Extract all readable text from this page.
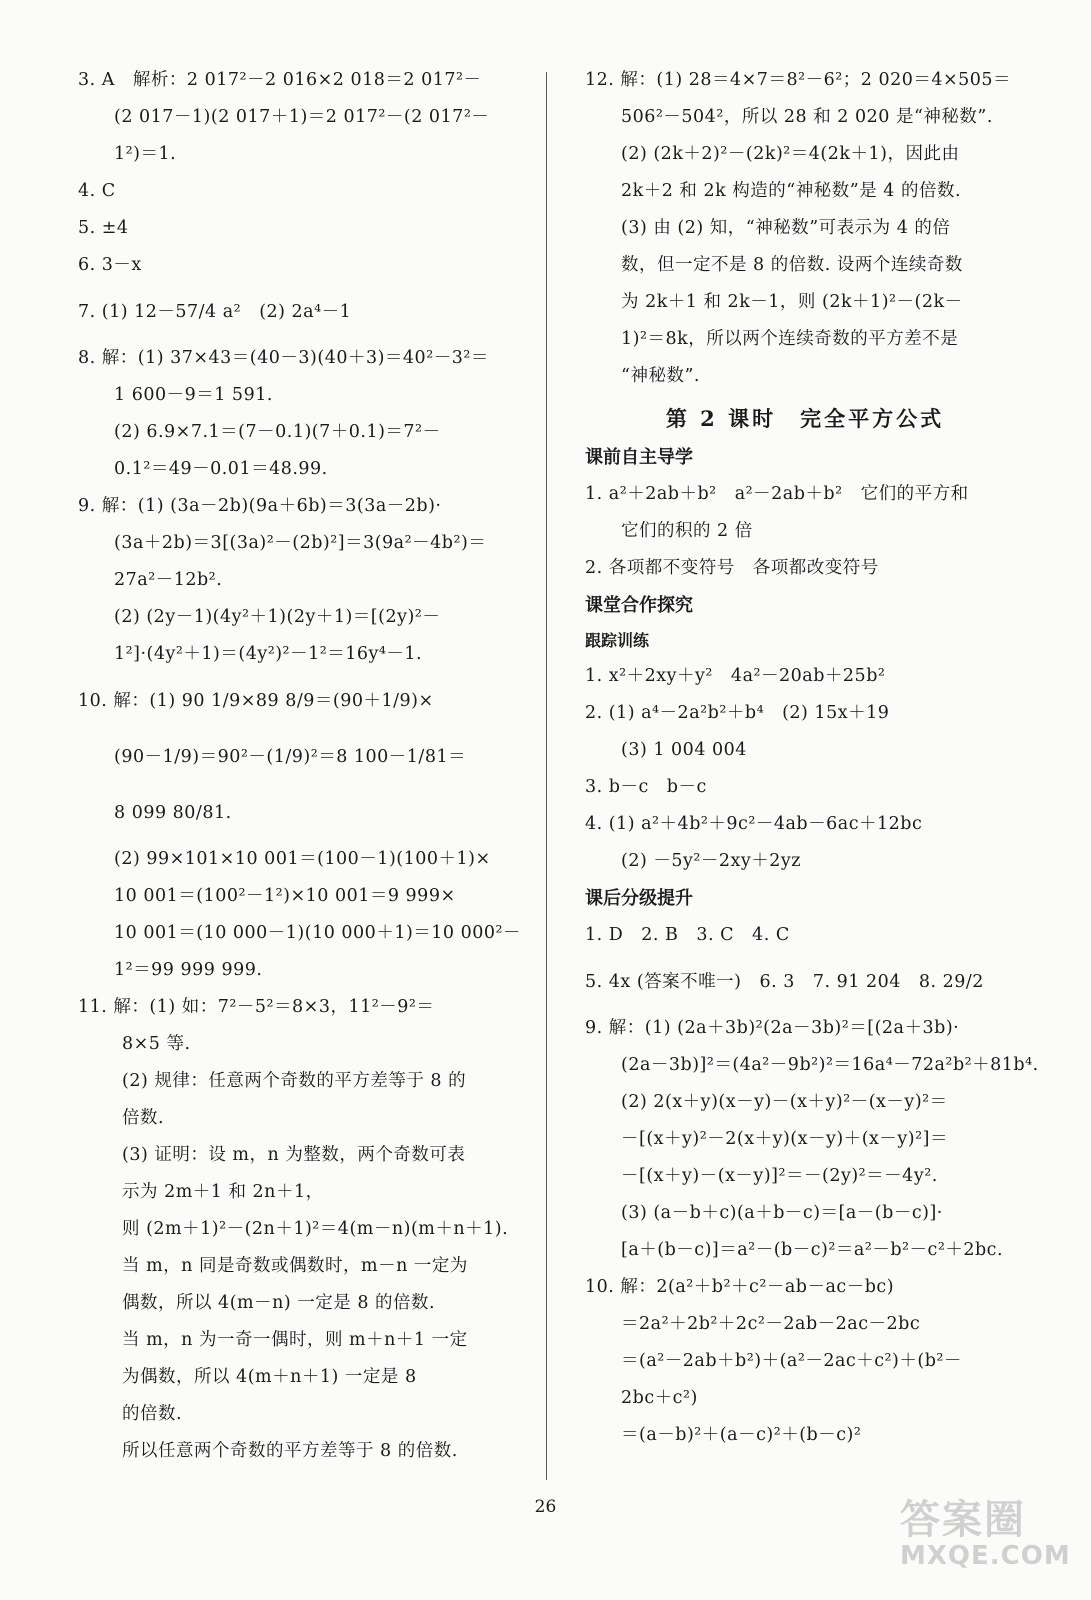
3. A　解析：2 017²－2 016×2 018＝2 017²－
(2 017－1)(2 017＋1)＝2 017²－(2 017²－
1²)＝1.
4. C
5. ±4
6. 3－x
7. (1) 12－57/4 a²　(2) 2a⁴－1
8. 解：(1) 37×43＝(40－3)(40＋3)＝40²－3²＝
1 600－9＝1 591.
(2) 6.9×7.1＝(7－0.1)(7＋0.1)＝7²－
0.1²＝49－0.01＝48.99.
9. 解：(1) (3a－2b)(9a＋6b)＝3(3a－2b)·
(3a＋2b)＝3[(3a)²－(2b)²]＝3(9a²－4b²)＝
27a²－12b².
(2) (2y－1)(4y²＋1)(2y＋1)＝[(2y)²－
1²]·(4y²＋1)＝(4y²)²－1²＝16y⁴－1.
10. 解：(1) 90 1/9×89 8/9＝(90＋1/9)×
(90－1/9)＝90²－(1/9)²＝8 100－1/81＝
8 099 80/81.
(2) 99×101×10 001＝(100－1)(100＋1)×
10 001＝(100²－1²)×10 001＝9 999×
10 001＝(10 000－1)(10 000＋1)＝10 000²－
1²＝99 999 999.
11. 解：(1) 如：7²－5²＝8×3，11²－9²＝
8×5 等.
(2) 规律：任意两个奇数的平方差等于 8 的
倍数.
(3) 证明：设 m，n 为整数，两个奇数可表
示为 2m＋1 和 2n＋1，
则 (2m＋1)²－(2n＋1)²＝4(m－n)(m＋n＋1).
当 m，n 同是奇数或偶数时，m－n 一定为
偶数，所以 4(m－n) 一定是 8 的倍数.
当 m，n 为一奇一偶时，则 m＋n＋1 一定
为偶数，所以 4(m＋n＋1) 一定是 8
的倍数.
所以任意两个奇数的平方差等于 8 的倍数.
12. 解：(1) 28＝4×7＝8²－6²；2 020＝4×505＝
506²－504²，所以 28 和 2 020 是“神秘数”.
(2) (2k＋2)²－(2k)²＝4(2k＋1)，因此由
2k＋2 和 2k 构造的“神秘数”是 4 的倍数.
(3) 由 (2) 知，“神秘数”可表示为 4 的倍
数，但一定不是 8 的倍数. 设两个连续奇数
为 2k＋1 和 2k－1，则 (2k＋1)²－(2k－
1)²＝8k，所以两个连续奇数的平方差不是
“神秘数”.
第 2 课时　完全平方公式
课前自主导学
1. a²＋2ab＋b²　a²－2ab＋b²　它们的平方和
它们的积的 2 倍
2. 各项都不变符号　各项都改变符号
课堂合作探究
跟踪训练
1. x²＋2xy＋y²　4a²－20ab＋25b²
2. (1) a⁴－2a²b²＋b⁴　(2) 15x＋19
(3) 1 004 004
3. b－c　b－c
4. (1) a²＋4b²＋9c²－4ab－6ac＋12bc
(2) －5y²－2xy＋2yz
课后分级提升
1. D　2. B　3. C　4. C
5. 4x (答案不唯一)　6. 3　7. 91 204　8. 29/2
9. 解：(1) (2a＋3b)²(2a－3b)²＝[(2a＋3b)·
(2a－3b)]²＝(4a²－9b²)²＝16a⁴－72a²b²＋81b⁴.
(2) 2(x＋y)(x－y)－(x＋y)²－(x－y)²＝
－[(x＋y)²－2(x＋y)(x－y)＋(x－y)²]＝
－[(x＋y)－(x－y)]²＝－(2y)²＝－4y².
(3) (a－b＋c)(a＋b－c)＝[a－(b－c)]·
[a＋(b－c)]＝a²－(b－c)²＝a²－b²－c²＋2bc.
10. 解：2(a²＋b²＋c²－ab－ac－bc)
＝2a²＋2b²＋2c²－2ab－2ac－2bc
＝(a²－2ab＋b²)＋(a²－2ac＋c²)＋(b²－
2bc＋c²)
＝(a－b)²＋(a－c)²＋(b－c)²
26	答案圈
MXQE.COM
